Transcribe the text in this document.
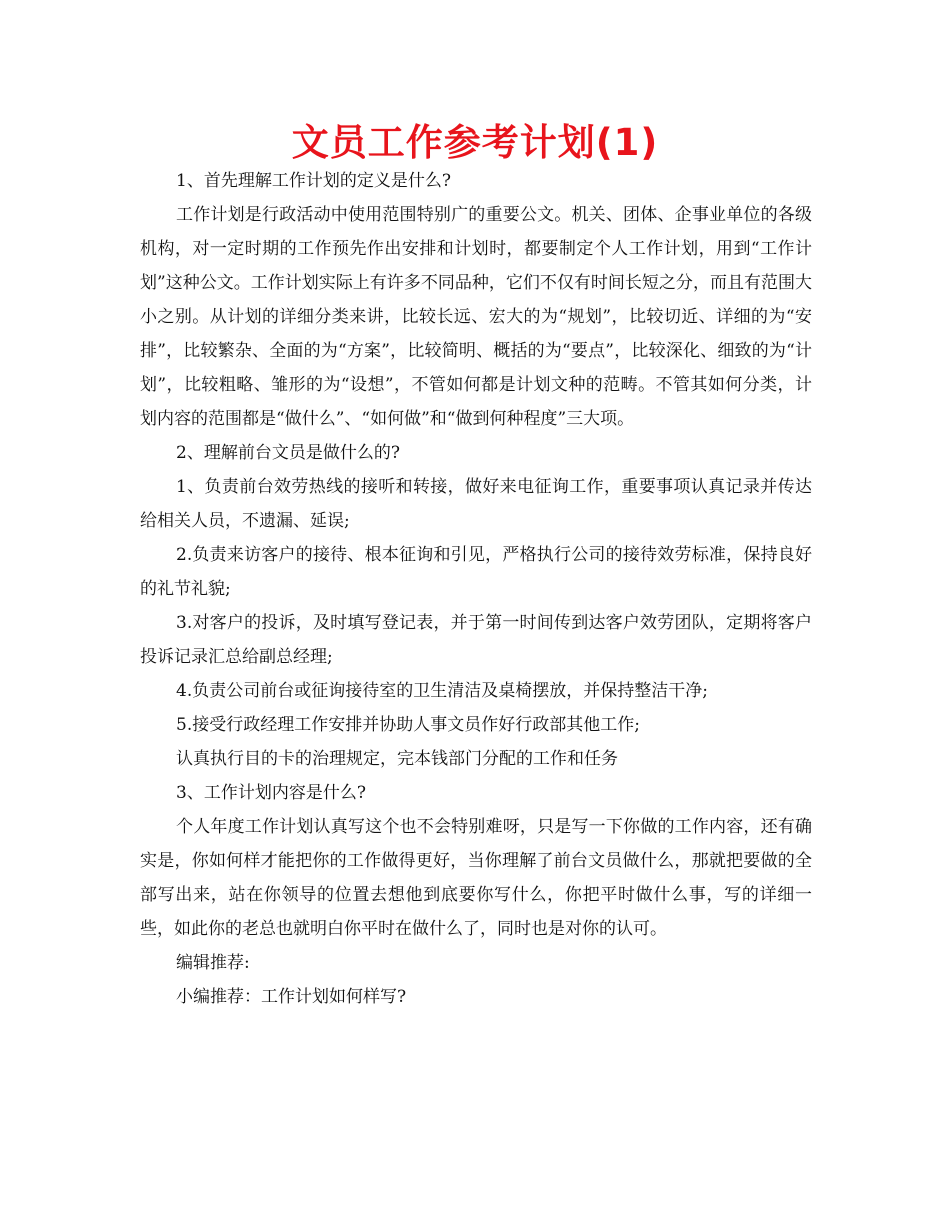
文员工作参考计划(1)

1、首先理解工作计划的定义是什么?

工作计划是行政活动中使用范围特别广的重要公文。机关、团体、企事业单位的各级机构，对一定时期的工作预先作出安排和计划时，都要制定个人工作计划，用到“工作计划”这种公文。工作计划实际上有许多不同品种，它们不仅有时间长短之分，而且有范围大小之别。从计划的详细分类来讲，比较长远、宏大的为“规划”，比较切近、详细的为“安排”，比较繁杂、全面的为“方案”，比较简明、概括的为“要点”，比较深化、细致的为“计划”，比较粗略、雏形的为“设想”，不管如何都是计划文种的范畴。不管其如何分类，计划内容的范围都是“做什么”、“如何做”和“做到何种程度”三大项。

2、理解前台文员是做什么的?

1、负责前台效劳热线的接听和转接，做好来电征询工作，重要事项认真记录并传达给相关人员，不遗漏、延误;

2.负责来访客户的接待、根本征询和引见，严格执行公司的接待效劳标准，保持良好的礼节礼貌;

3.对客户的投诉，及时填写登记表，并于第一时间传到达客户效劳团队，定期将客户投诉记录汇总给副总经理;

4.负责公司前台或征询接待室的卫生清洁及桌椅摆放，并保持整洁干净;

5.接受行政经理工作安排并协助人事文员作好行政部其他工作;

认真执行目的卡的治理规定，完本钱部门分配的工作和任务

3、工作计划内容是什么?

个人年度工作计划认真写这个也不会特别难呀，只是写一下你做的工作内容，还有确实是，你如何样才能把你的工作做得更好，当你理解了前台文员做什么，那就把要做的全部写出来，站在你领导的位置去想他到底要你写什么，你把平时做什么事，写的详细一些，如此你的老总也就明白你平时在做什么了，同时也是对你的认可。

编辑推荐:

小编推荐：工作计划如何样写?
